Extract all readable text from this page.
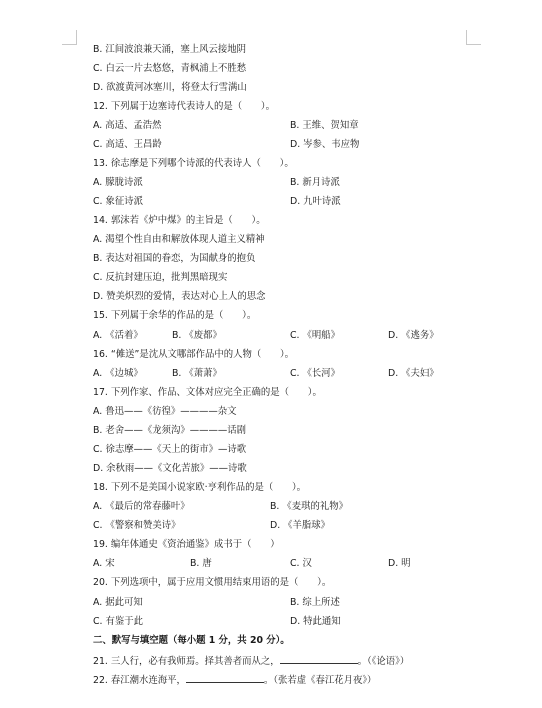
B. 江间波浪兼天涌，塞上风云接地阴
C. 白云一片去悠悠，青枫浦上不胜愁
D. 欲渡黄河冰塞川，将登太行雪满山
12. 下列属于边塞诗代表诗人的是（　　）。
A. 高适、孟浩然	B. 王维、贺知章
C. 高适、王昌龄	D. 岑参、韦应物
13. 徐志摩是下列哪个诗派的代表诗人（　　）。
A. 朦胧诗派	B. 新月诗派
C. 象征诗派	D. 九叶诗派
14. 郭沫若《炉中煤》的主旨是（　　）。
A. 渴望个性自由和解放体现人道主义精神
B. 表达对祖国的眷恋，为国献身的抱负
C. 反抗封建压迫，批判黑暗现实
D. 赞美炽烈的爱情，表达对心上人的思念
15. 下列属于余华的作品的是（　　）。
A. 《活着》	B. 《废都》	C. 《明船》	D. 《逃务》
16. “傩送”是沈从文哪部作品中的人物（　　）。
A. 《边城》	B. 《萧萧》	C. 《长河》	D. 《夫妇》
17. 下列作家、作品、文体对应完全正确的是（　　）。
A. 鲁迅——《彷徨》————杂文
B. 老舍——《龙须沟》————话剧
C. 徐志摩——《天上的街市》—诗歌
D. 余秋雨——《文化苦旅》——诗歌
18. 下列不是美国小说家欧·亨利作品的是（　　）。
A. 《最后的常春藤叶》	B. 《麦琪的礼物》
C. 《警察和赞美诗》	D. 《羊脂球》
19. 编年体通史《资治通鉴》成书于（　　）
A. 宋	B. 唐	C. 汉	D. 明
20. 下列选项中，属于应用文惯用结束用语的是（　　）。
A. 据此可知	B. 综上所述
C. 有鉴于此	D. 特此通知
二、默写与填空题（每小题 1 分，共 20 分）。
21. 三人行，必有我师焉。择其善者而从之，	。（《论语》）
22. 春江潮水连海平，	。（张若虚《春江花月夜》）
